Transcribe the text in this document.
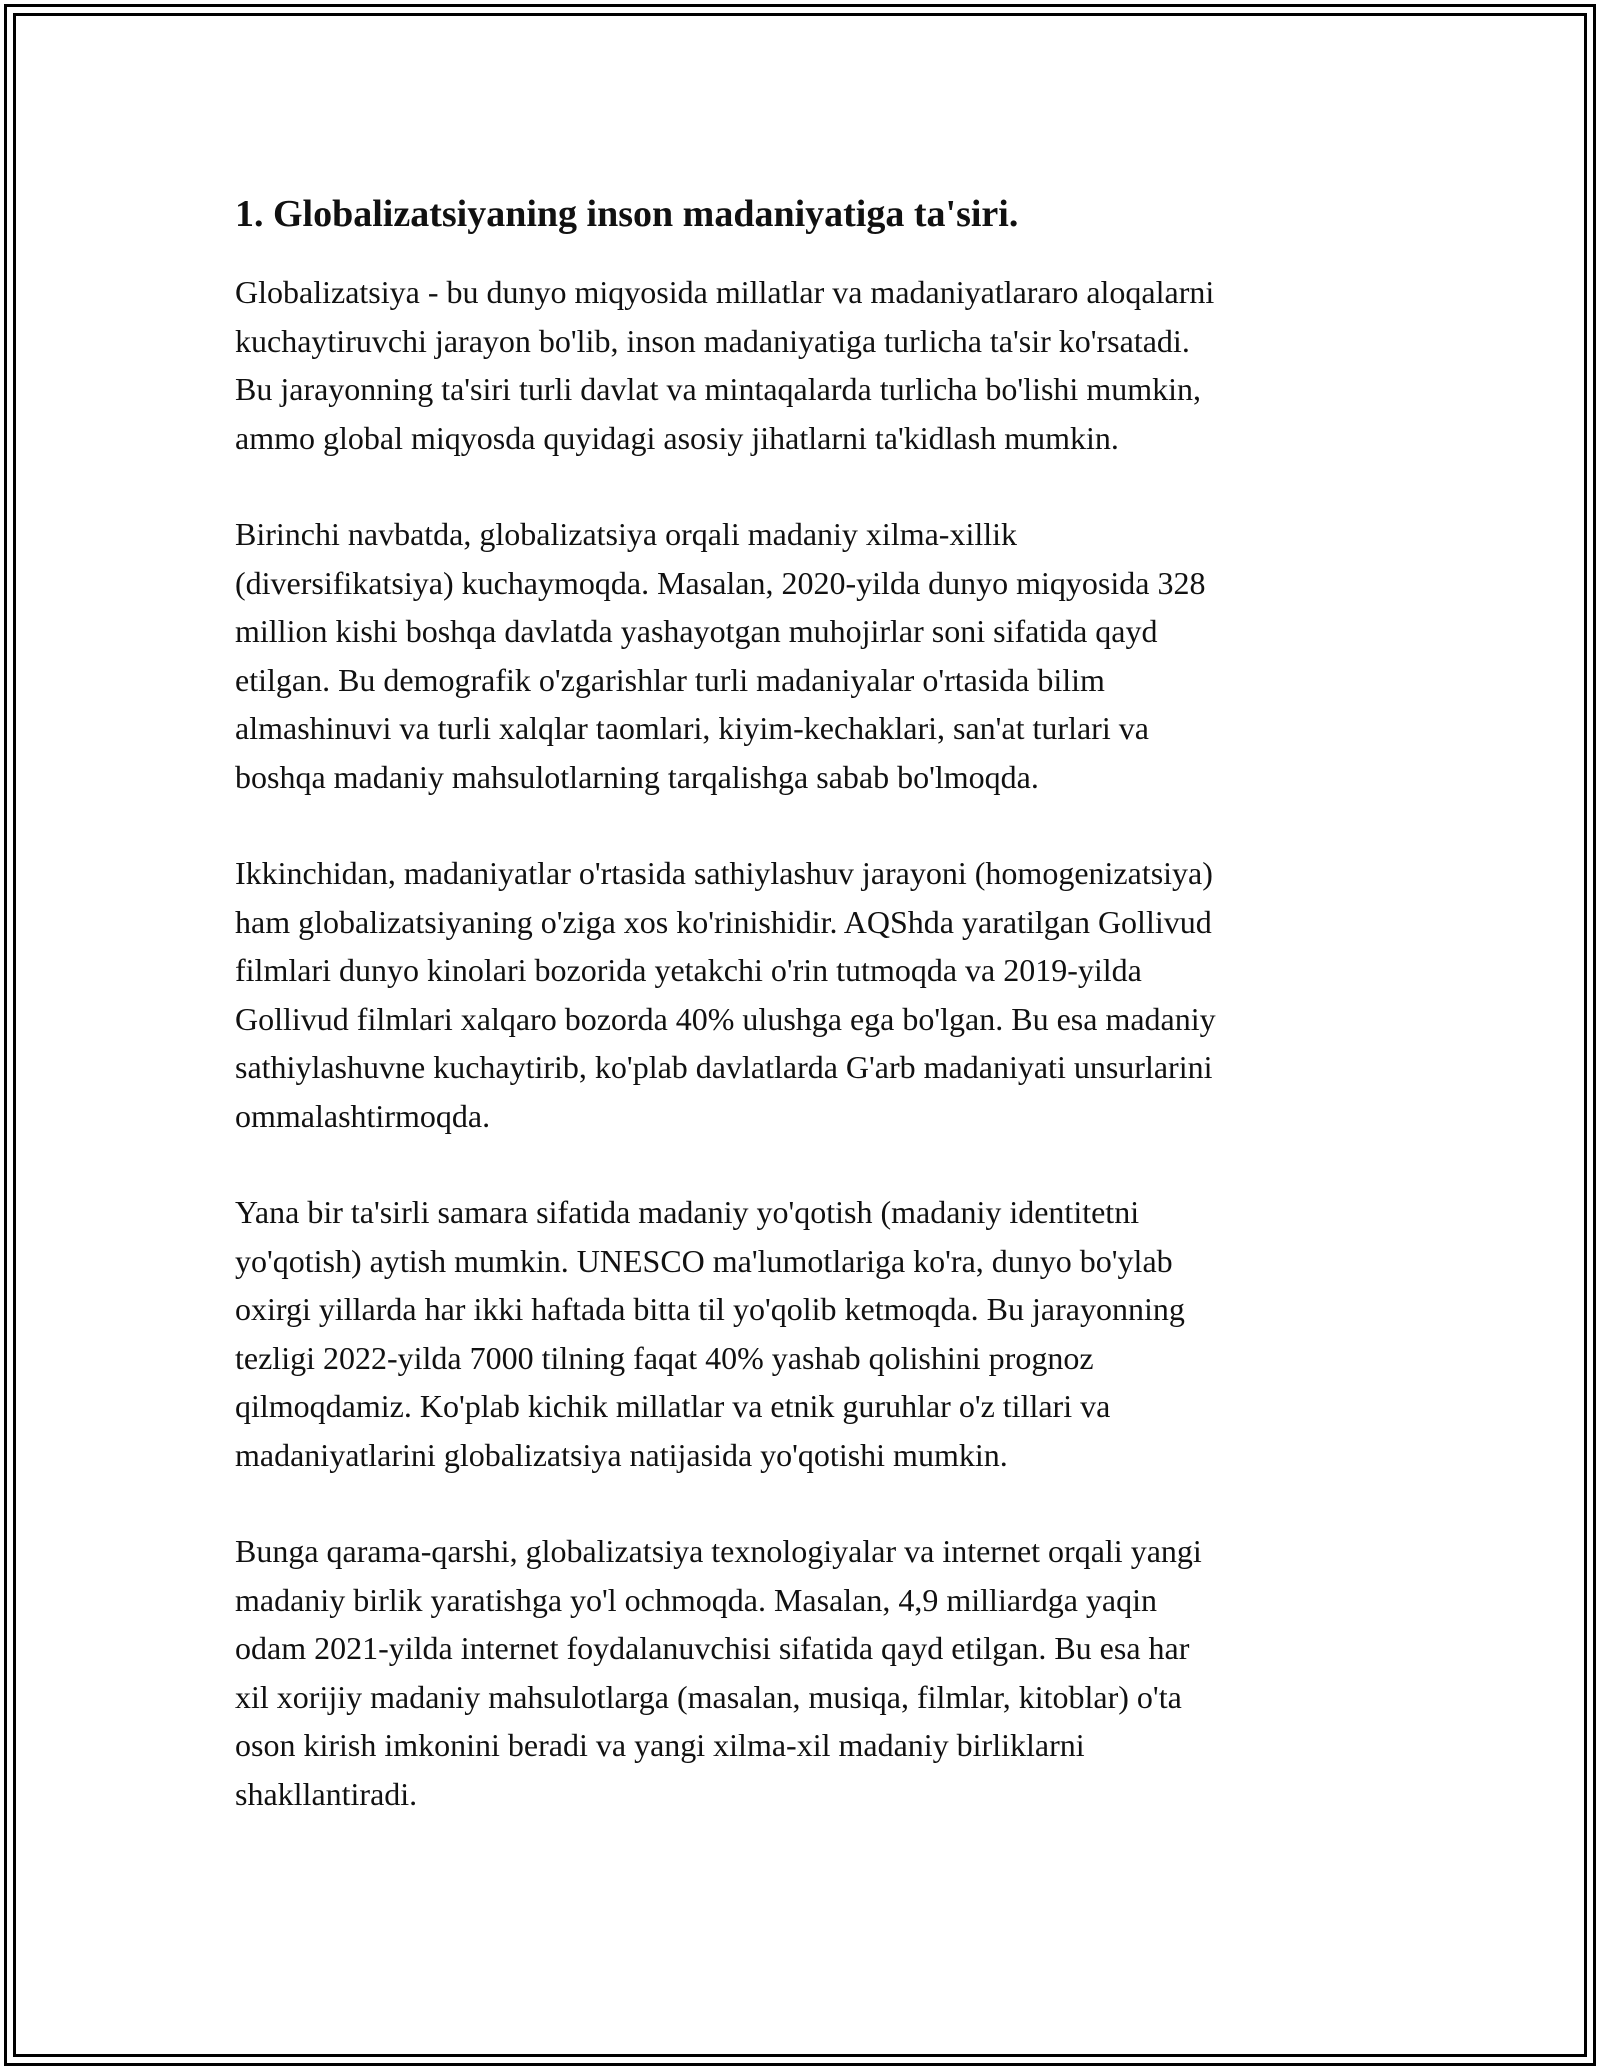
1. Globalizatsiyaning inson madaniyatiga ta'siri.

Globalizatsiya - bu dunyo miqyosida millatlar va madaniyatlararo aloqalarni
kuchaytiruvchi jarayon bo'lib, inson madaniyatiga turlicha ta'sir ko'rsatadi.
Bu jarayonning ta'siri turli davlat va mintaqalarda turlicha bo'lishi mumkin,
ammo global miqyosda quyidagi asosiy jihatlarni ta'kidlash mumkin.

Birinchi navbatda, globalizatsiya orqali madaniy xilma-xillik
(diversifikatsiya) kuchaymoqda. Masalan, 2020-yilda dunyo miqyosida 328
million kishi boshqa davlatda yashayotgan muhojirlar soni sifatida qayd
etilgan. Bu demografik o'zgarishlar turli madaniyalar o'rtasida bilim
almashinuvi va turli xalqlar taomlari, kiyim-kechaklari, san'at turlari va
boshqa madaniy mahsulotlarning tarqalishga sabab bo'lmoqda.

Ikkinchidan, madaniyatlar o'rtasida sathiylashuv jarayoni (homogenizatsiya)
ham globalizatsiyaning o'ziga xos ko'rinishidir. AQShda yaratilgan Gollivud
filmlari dunyo kinolari bozorida yetakchi o'rin tutmoqda va 2019-yilda
Gollivud filmlari xalqaro bozorda 40% ulushga ega bo'lgan. Bu esa madaniy
sathiylashuvne kuchaytirib, ko'plab davlatlarda G'arb madaniyati unsurlarini
ommalashtirmoqda.

Yana bir ta'sirli samara sifatida madaniy yo'qotish (madaniy identitetni
yo'qotish) aytish mumkin. UNESCO ma'lumotlariga ko'ra, dunyo bo'ylab
oxirgi yillarda har ikki haftada bitta til yo'qolib ketmoqda. Bu jarayonning
tezligi 2022-yilda 7000 tilning faqat 40% yashab qolishini prognoz
qilmoqdamiz. Ko'plab kichik millatlar va etnik guruhlar o'z tillari va
madaniyatlarini globalizatsiya natijasida yo'qotishi mumkin.

Bunga qarama-qarshi, globalizatsiya texnologiyalar va internet orqali yangi
madaniy birlik yaratishga yo'l ochmoqda. Masalan, 4,9 milliardga yaqin
odam 2021-yilda internet foydalanuvchisi sifatida qayd etilgan. Bu esa har
xil xorijiy madaniy mahsulotlarga (masalan, musiqa, filmlar, kitoblar) o'ta
oson kirish imkonini beradi va yangi xilma-xil madaniy birliklarni
shakllantiradi.
